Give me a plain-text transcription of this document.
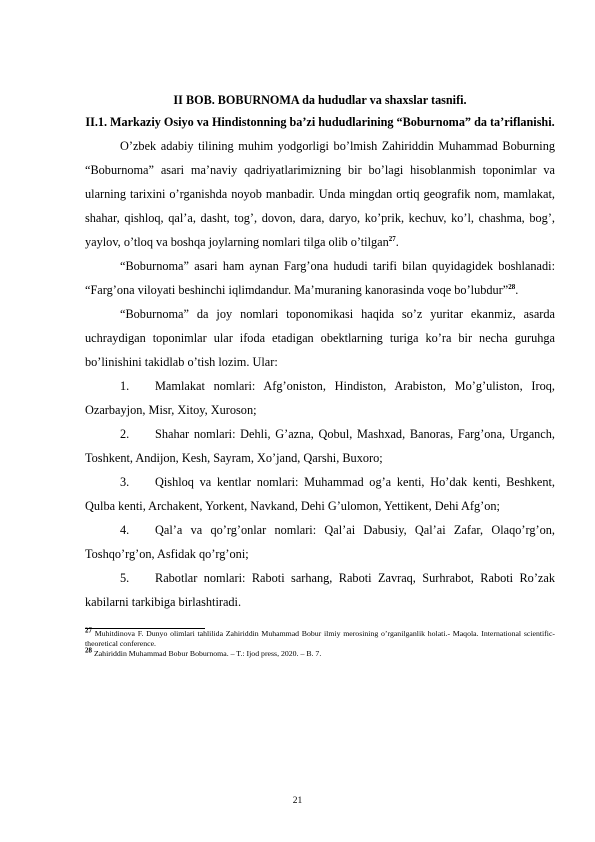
II BOB. BOBURNOMA da hududlar va shaxslar tasnifi.

II.1. Markaziy Osiyo va Hindistonning ba’zi hududlarining “Boburnoma” da ta’riflanishi.

O’zbek adabiy tilining muhim yodgorligi bo’lmish Zahiriddin Muhammad Boburning “Boburnoma” asari ma’naviy qadriyatlarimizning bir bo’lagi hisoblanmish toponimlar va ularning tarixini o’rganishda noyob manbadir. Unda mingdan ortiq geografik nom, mamlakat, shahar, qishloq, qal’a, dasht, tog’, dovon, dara, daryo, ko’prik, kechuv, ko’l, chashma, bog’, yaylov, o’tloq va boshqa joylarning nomlari tilga olib o’tilgan$^{27}$.

“Boburnoma” asari ham aynan Farg’ona hududi tarifi bilan quyidagidek boshlanadi: “Farg’ona viloyati beshinchi iqlimdandur. Ma’muraning kanorasinda voqe bo’lubdur”$^{28}$.

“Boburnoma” da joy nomlari toponomikasi haqida so’z yuritar ekanmiz, asarda uchraydigan toponimlar ular ifoda etadigan obektlarning turiga ko’ra bir necha guruhga bo’linishini takidlab o’tish lozim. Ular:

1. Mamlakat nomlari: Afg’oniston, Hindiston, Arabiston, Mo’g’uliston, Iroq, Ozarbayjon, Misr, Xitoy, Xuroson;

2. Shahar nomlari: Dehli, G’azna, Qobul, Mashxad, Banoras, Farg’ona, Urganch, Toshkent, Andijon, Kesh, Sayram, Xo’jand, Qarshi, Buxoro;

3. Qishloq va kentlar nomlari: Muhammad og’a kenti, Ho’dak kenti, Beshkent, Qulba kenti, Archakent, Yorkent, Navkand, Dehi G’ulomon, Yettikent, Dehi Afg’on;

4. Qal’a va qo’rg’onlar nomlari: Qal’ai Dabusiy, Qal’ai Zafar, Olaqo’rg’on, Toshqo’rg’on, Asfidak qo’rg’oni;

5. Rabotlar nomlari: Raboti sarhang, Raboti Zavraq, Surhrabot, Raboti Ro’zak kabilarni tarkibiga birlashtiradi.

$^{27}$ Muhitdinova F. Dunyo olimlari tahlilida Zahiriddin Muhammad Bobur ilmiy merosining o’rganilganlik holati.- Maqola. International scientific-theoretical conference.

$^{28}$ Zahiriddin Muhammad Bobur Boburnoma. – T.: Ijod press, 2020. – B. 7.

21
